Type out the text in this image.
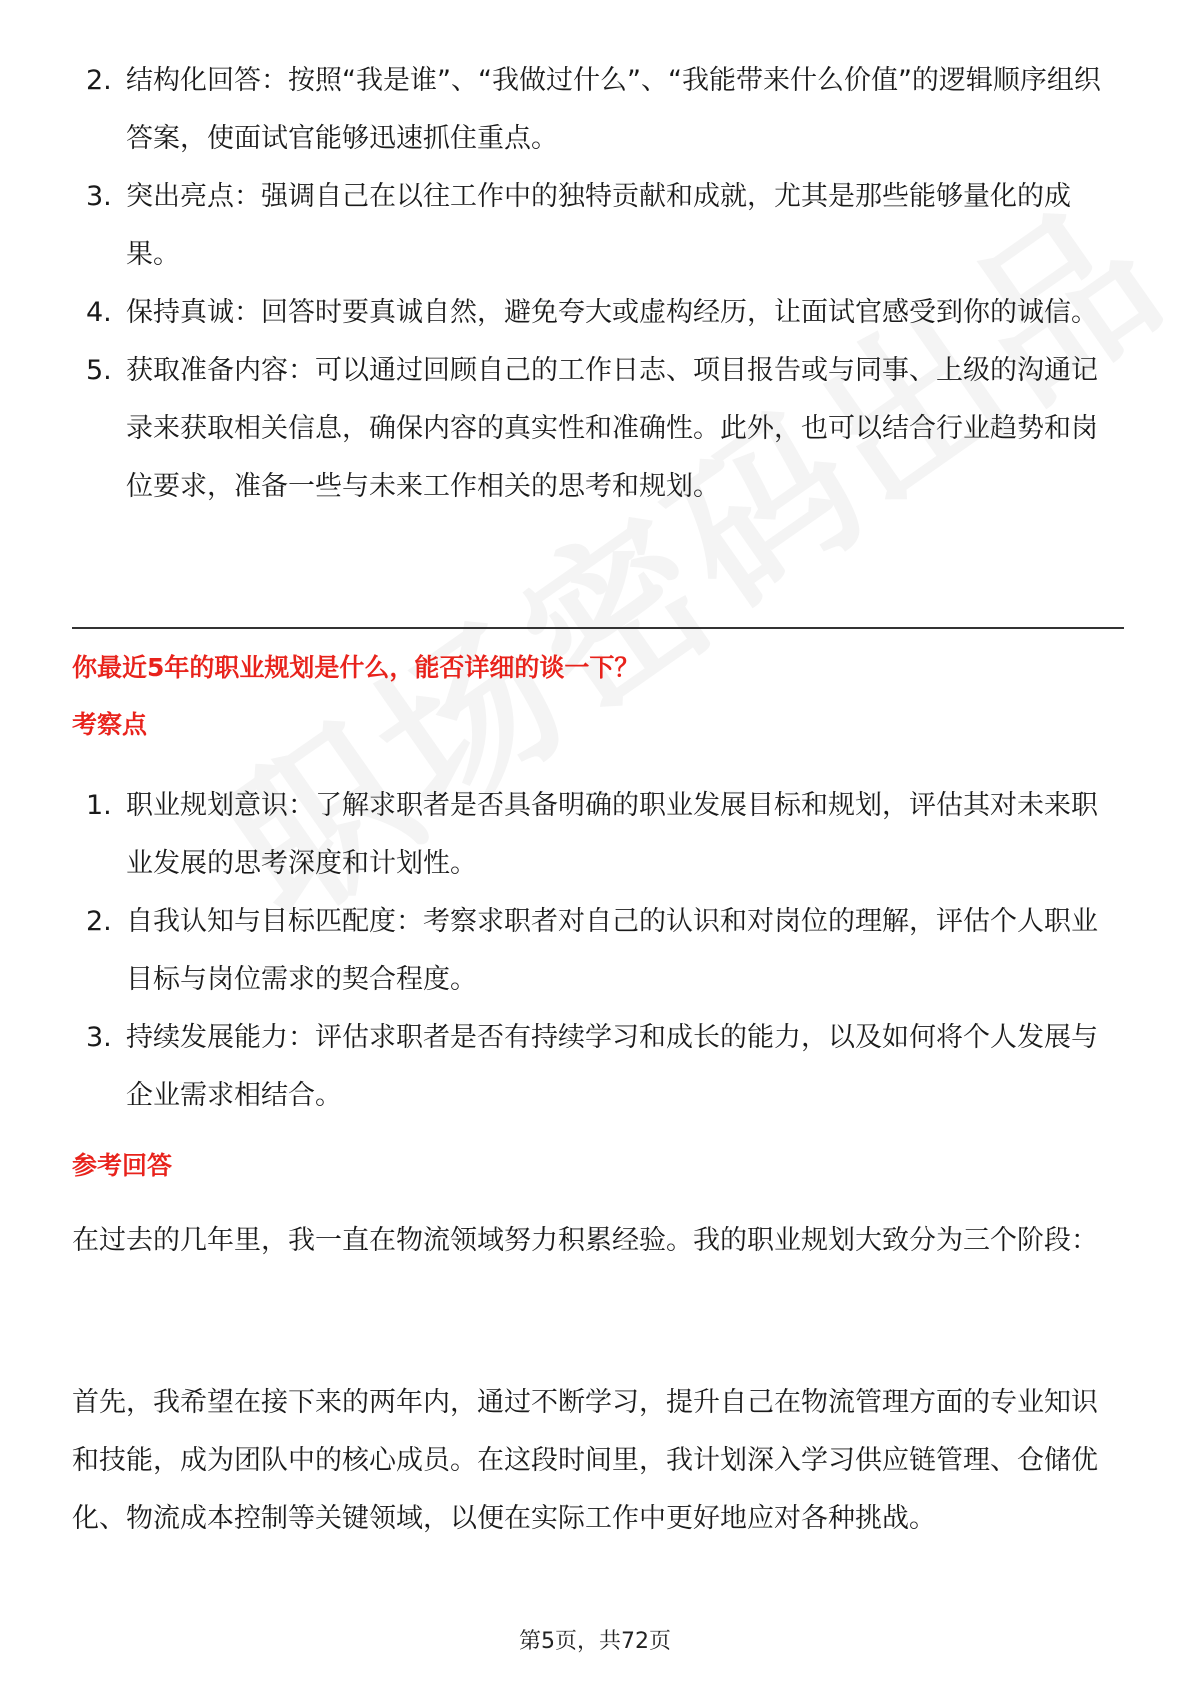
2. 结构化回答：按照“我是谁”、“我做过什么”、“我能带来什么价值”的逻辑顺序组织答案，使面试官能够迅速抓住重点。
3. 突出亮点：强调自己在以往工作中的独特贡献和成就，尤其是那些能够量化的成果。
4. 保持真诚：回答时要真诚自然，避免夸大或虚构经历，让面试官感受到你的诚信。
5. 获取准备内容：可以通过回顾自己的工作日志、项目报告或与同事、上级的沟通记录来获取相关信息，确保内容的真实性和准确性。此外，也可以结合行业趋势和岗位要求，准备一些与未来工作相关的思考和规划。
你最近5年的职业规划是什么，能否详细的谈一下？
考察点
1. 职业规划意识：了解求职者是否具备明确的职业发展目标和规划，评估其对未来职业发展的思考深度和计划性。
2. 自我认知与目标匹配度：考察求职者对自己的认识和对岗位的理解，评估个人职业目标与岗位需求的契合程度。
3. 持续发展能力：评估求职者是否有持续学习和成长的能力，以及如何将个人发展与企业需求相结合。
参考回答

在过去的几年里，我一直在物流领域努力积累经验。我的职业规划大致分为三个阶段：

首先，我希望在接下来的两年内，通过不断学习，提升自己在物流管理方面的专业知识和技能，成为团队中的核心成员。在这段时间里，我计划深入学习供应链管理、仓储优化、物流成本控制等关键领域，以便在实际工作中更好地应对各种挑战。

第5页，共72页
